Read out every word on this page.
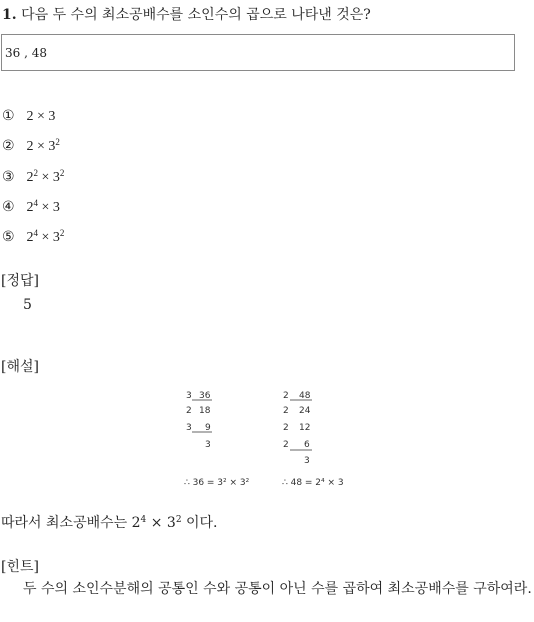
1. 다음 두 수의 최소공배수를 소인수의 곱으로 나타낸 것은?
36 , 48
① 2 × 3
② $2 \times 3^2$
③ $2^2 \times 3^2$
④ $2^4 \times 3$
⑤ $2^4 \times 3^2$
[정답]
5
[해설]
3 36
2 18
3 9
3
∴ 36 = 3² × 3²
2 48
2 24
2 12
2 6
3
∴ 48 = 2⁴ × 3
따라서 최소공배수는 $2^4 \times 3^2$ 이다.
[힌트]
두 수의 소인수분해의 공통인 수와 공통이 아닌 수를 곱하여 최소공배수를 구하여라.
